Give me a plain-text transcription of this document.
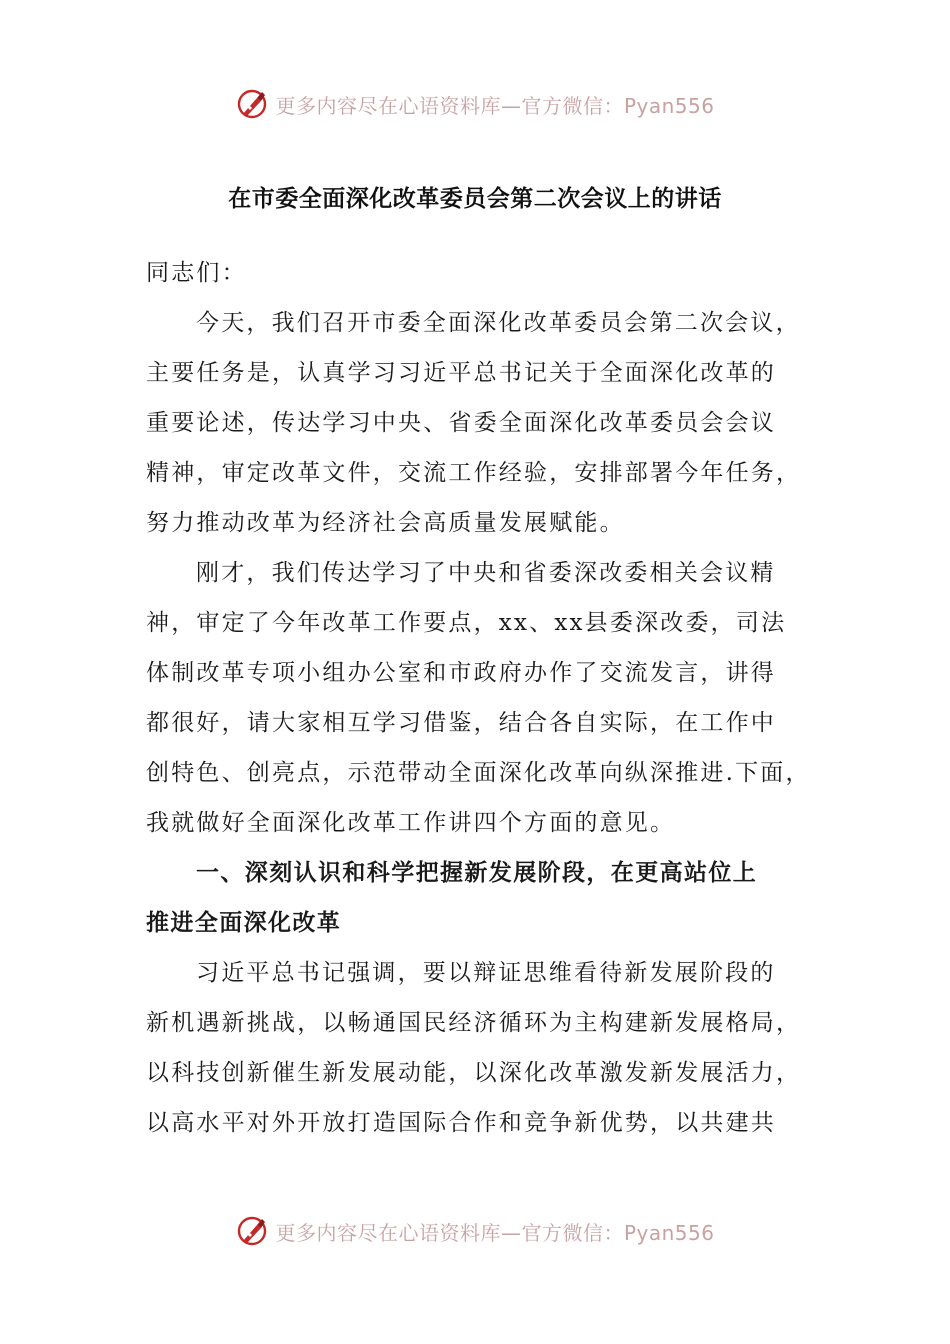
更多内容尽在心语资料库—官方微信：Pyan556
在市委全面深化改革委员会第二次会议上的讲话
同志们：
今天，我们召开市委全面深化改革委员会第二次会议，
主要任务是，认真学习习近平总书记关于全面深化改革的
重要论述，传达学习中央、省委全面深化改革委员会会议
精神，审定改革文件，交流工作经验，安排部署今年任务，
努力推动改革为经济社会高质量发展赋能。
刚才，我们传达学习了中央和省委深改委相关会议精
神，审定了今年改革工作要点，xx、xx县委深改委，司法
体制改革专项小组办公室和市政府办作了交流发言，讲得
都很好，请大家相互学习借鉴，结合各自实际，在工作中
创特色、创亮点，示范带动全面深化改革向纵深推进.下面，
我就做好全面深化改革工作讲四个方面的意见。
一、深刻认识和科学把握新发展阶段，在更高站位上
推进全面深化改革
习近平总书记强调，要以辩证思维看待新发展阶段的
新机遇新挑战，以畅通国民经济循环为主构建新发展格局，
以科技创新催生新发展动能，以深化改革激发新发展活力，
以高水平对外开放打造国际合作和竞争新优势，以共建共
更多内容尽在心语资料库—官方微信：Pyan556
